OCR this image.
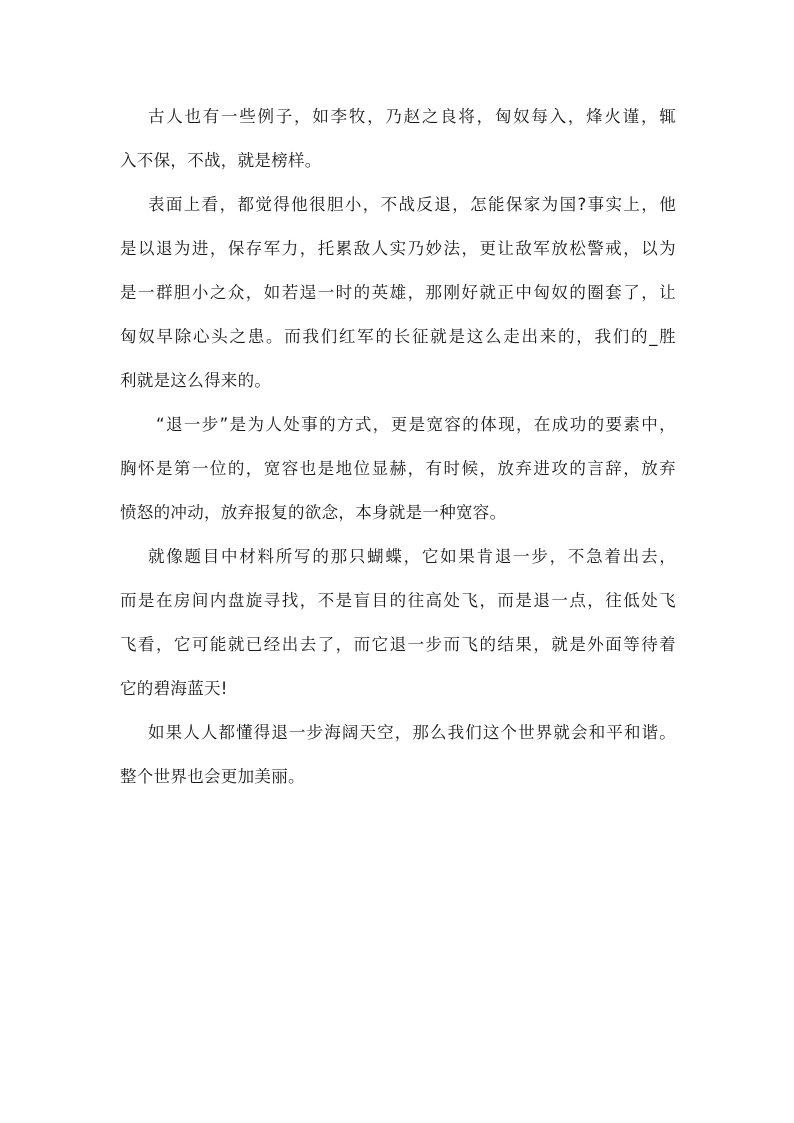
古人也有一些例子，如李牧，乃赵之良将，匈奴每入，烽火谨，辄
入不保，不战，就是榜样。
表面上看，都觉得他很胆小，不战反退，怎能保家为国?事实上，他
是以退为进，保存军力，托累敌人实乃妙法，更让敌军放松警戒，以为
是一群胆小之众，如若逞一时的英雄，那刚好就正中匈奴的圈套了，让
匈奴早除心头之患。而我们红军的长征就是这么走出来的，我们的_胜
利就是这么得来的。
“退一步”是为人处事的方式，更是宽容的体现，在成功的要素中，
胸怀是第一位的，宽容也是地位显赫，有时候，放弃进攻的言辞，放弃
愤怒的冲动，放弃报复的欲念，本身就是一种宽容。
就像题目中材料所写的那只蝴蝶，它如果肯退一步，不急着出去，
而是在房间内盘旋寻找，不是盲目的往高处飞，而是退一点，往低处飞
飞看，它可能就已经出去了，而它退一步而飞的结果，就是外面等待着
它的碧海蓝天!
如果人人都懂得退一步海阔天空，那么我们这个世界就会和平和谐。
整个世界也会更加美丽。
